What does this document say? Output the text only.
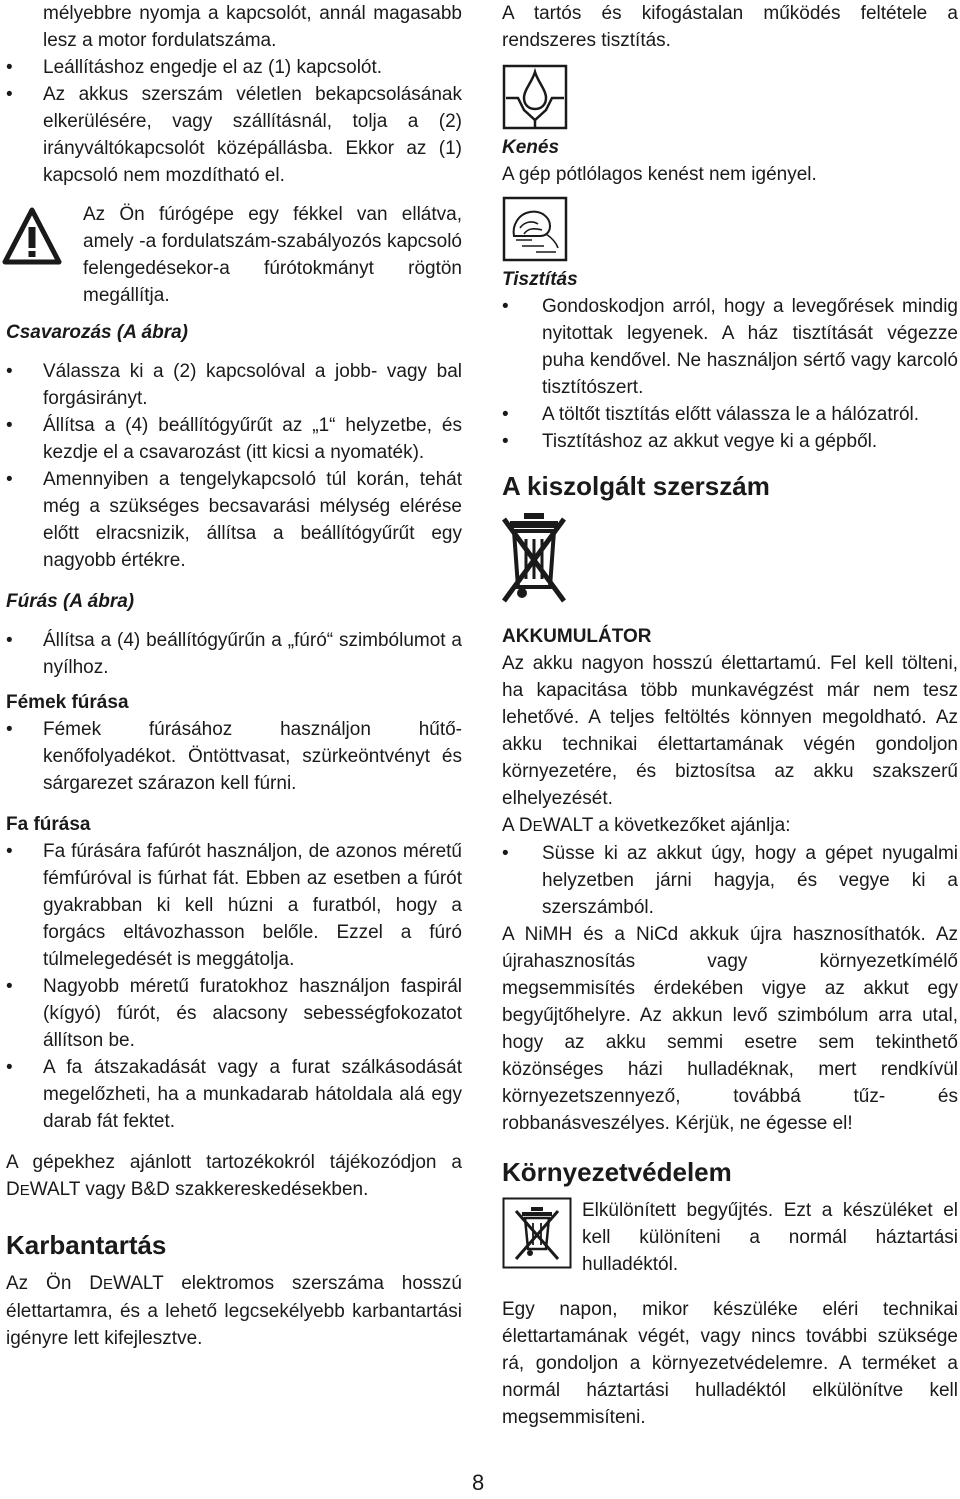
mélyebbre nyomja a kapcsolót, annál magasabb lesz a motor fordulatszáma.

• Leállításhoz engedje el az (1) kapcsolót.
• Az akkus szerszám véletlen bekapcsolásának elkerülésére, vagy szállításnál, tolja a (2) irányváltókapcsolót középállásba. Ekkor az (1) kapcsoló nem mozdítható el.

Az Ön fúrógépe egy fékkel van ellátva, amely -a fordulatszám-szabályozós kapcsoló felengedésekor-a fúrótokmányt rögtön megállítja.

Csavarozás (A ábra)

• Válassza ki a (2) kapcsolóval a jobb- vagy bal forgásirányt.
• Állítsa a (4) beállítógyűrűt az „1“ helyzetbe, és kezdje el a csavarozást (itt kicsi a nyomaték).
• Amennyiben a tengelykapcsoló túl korán, tehát még a szükséges becsavarási mélység elérése előtt elracsnizik, állítsa a beállítógyűrűt egy nagyobb értékre.

Fúrás (A ábra)

• Állítsa a (4) beállítógyűrűn a „fúró“ szimbólumot a nyílhoz.

Fémek fúrása

• Fémek fúrásához használjon hűtő-kenőfolyadékot. Öntöttvasat, szürkeöntvényt és sárgarezet szárazon kell fúrni.

Fa fúrása

• Fa fúrására fafúrót használjon, de azonos méretű fémfúróval is fúrhat fát. Ebben az esetben a fúrót gyakrabban ki kell húzni a furatból, hogy a forgács eltávozhasson belőle. Ezzel a fúró túlmelegedését is meggátolja.
• Nagyobb méretű furatokhoz használjon faspirál (kígyó) fúrót, és alacsony sebességfokozatot állítson be.
• A fa átszakadását vagy a furat szálkásodását megelőzheti, ha a munkadarab hátoldala alá egy darab fát fektet.

A gépekhez ajánlott tartozékokról tájékozódjon a DEWALT vagy B&D szakkereskedésekben.

Karbantartás

Az Ön DEWALT elektromos szerszáma hosszú élettartamra, és a lehető legcsekélyebb karbantartási igényre lett kifejlesztve.

A tartós és kifogástalan működés feltétele a rendszeres tisztítás.

Kenés

A gép pótlólagos kenést nem igényel.

Tisztítás

• Gondoskodjon arról, hogy a levegőrések mindig nyitottak legyenek. A ház tisztítását végezze puha kendővel. Ne használjon sértő vagy karcoló tisztítószert.
• A töltőt tisztítás előtt válassza le a hálózatról.
• Tisztításhoz az akkut vegye ki a gépből.

A kiszolgált szerszám

AKKUMULÁTOR

Az akku nagyon hosszú élettartamú. Fel kell tölteni, ha kapacitása több munkavégzést már nem tesz lehetővé. A teljes feltöltés könnyen megoldható. Az akku technikai élettartamának végén gondoljon környezetére, és biztosítsa az akku szakszerű elhelyezését.

A DEWALT a következőket ajánlja:

• Süsse ki az akkut úgy, hogy a gépet nyugalmi helyzetben járni hagyja, és vegye ki a szerszámból.

A NiMH és a NiCd akkuk újra hasznosíthatók. Az újrahasznosítás vagy környezetkímélő megsemmisítés érdekében vigye az akkut egy begyűjtőhelyre. Az akkun levő szimbólum arra utal, hogy az akku semmi esetre sem tekinthető közönséges házi hulladéknak, mert rendkívül környezetszennyező, továbbá tűz- és robbanásveszélyes. Kérjük, ne égesse el!

Környezetvédelem

Elkülönített begyűjtés. Ezt a készüléket el kell különíteni a normál háztartási hulladéktól.

Egy napon, mikor készüléke eléri technikai élettartamának végét, vagy nincs további szüksége rá, gondoljon a környezetvédelemre. A terméket a normál háztartási hulladéktól elkülönítve kell megsemmisíteni.

8
